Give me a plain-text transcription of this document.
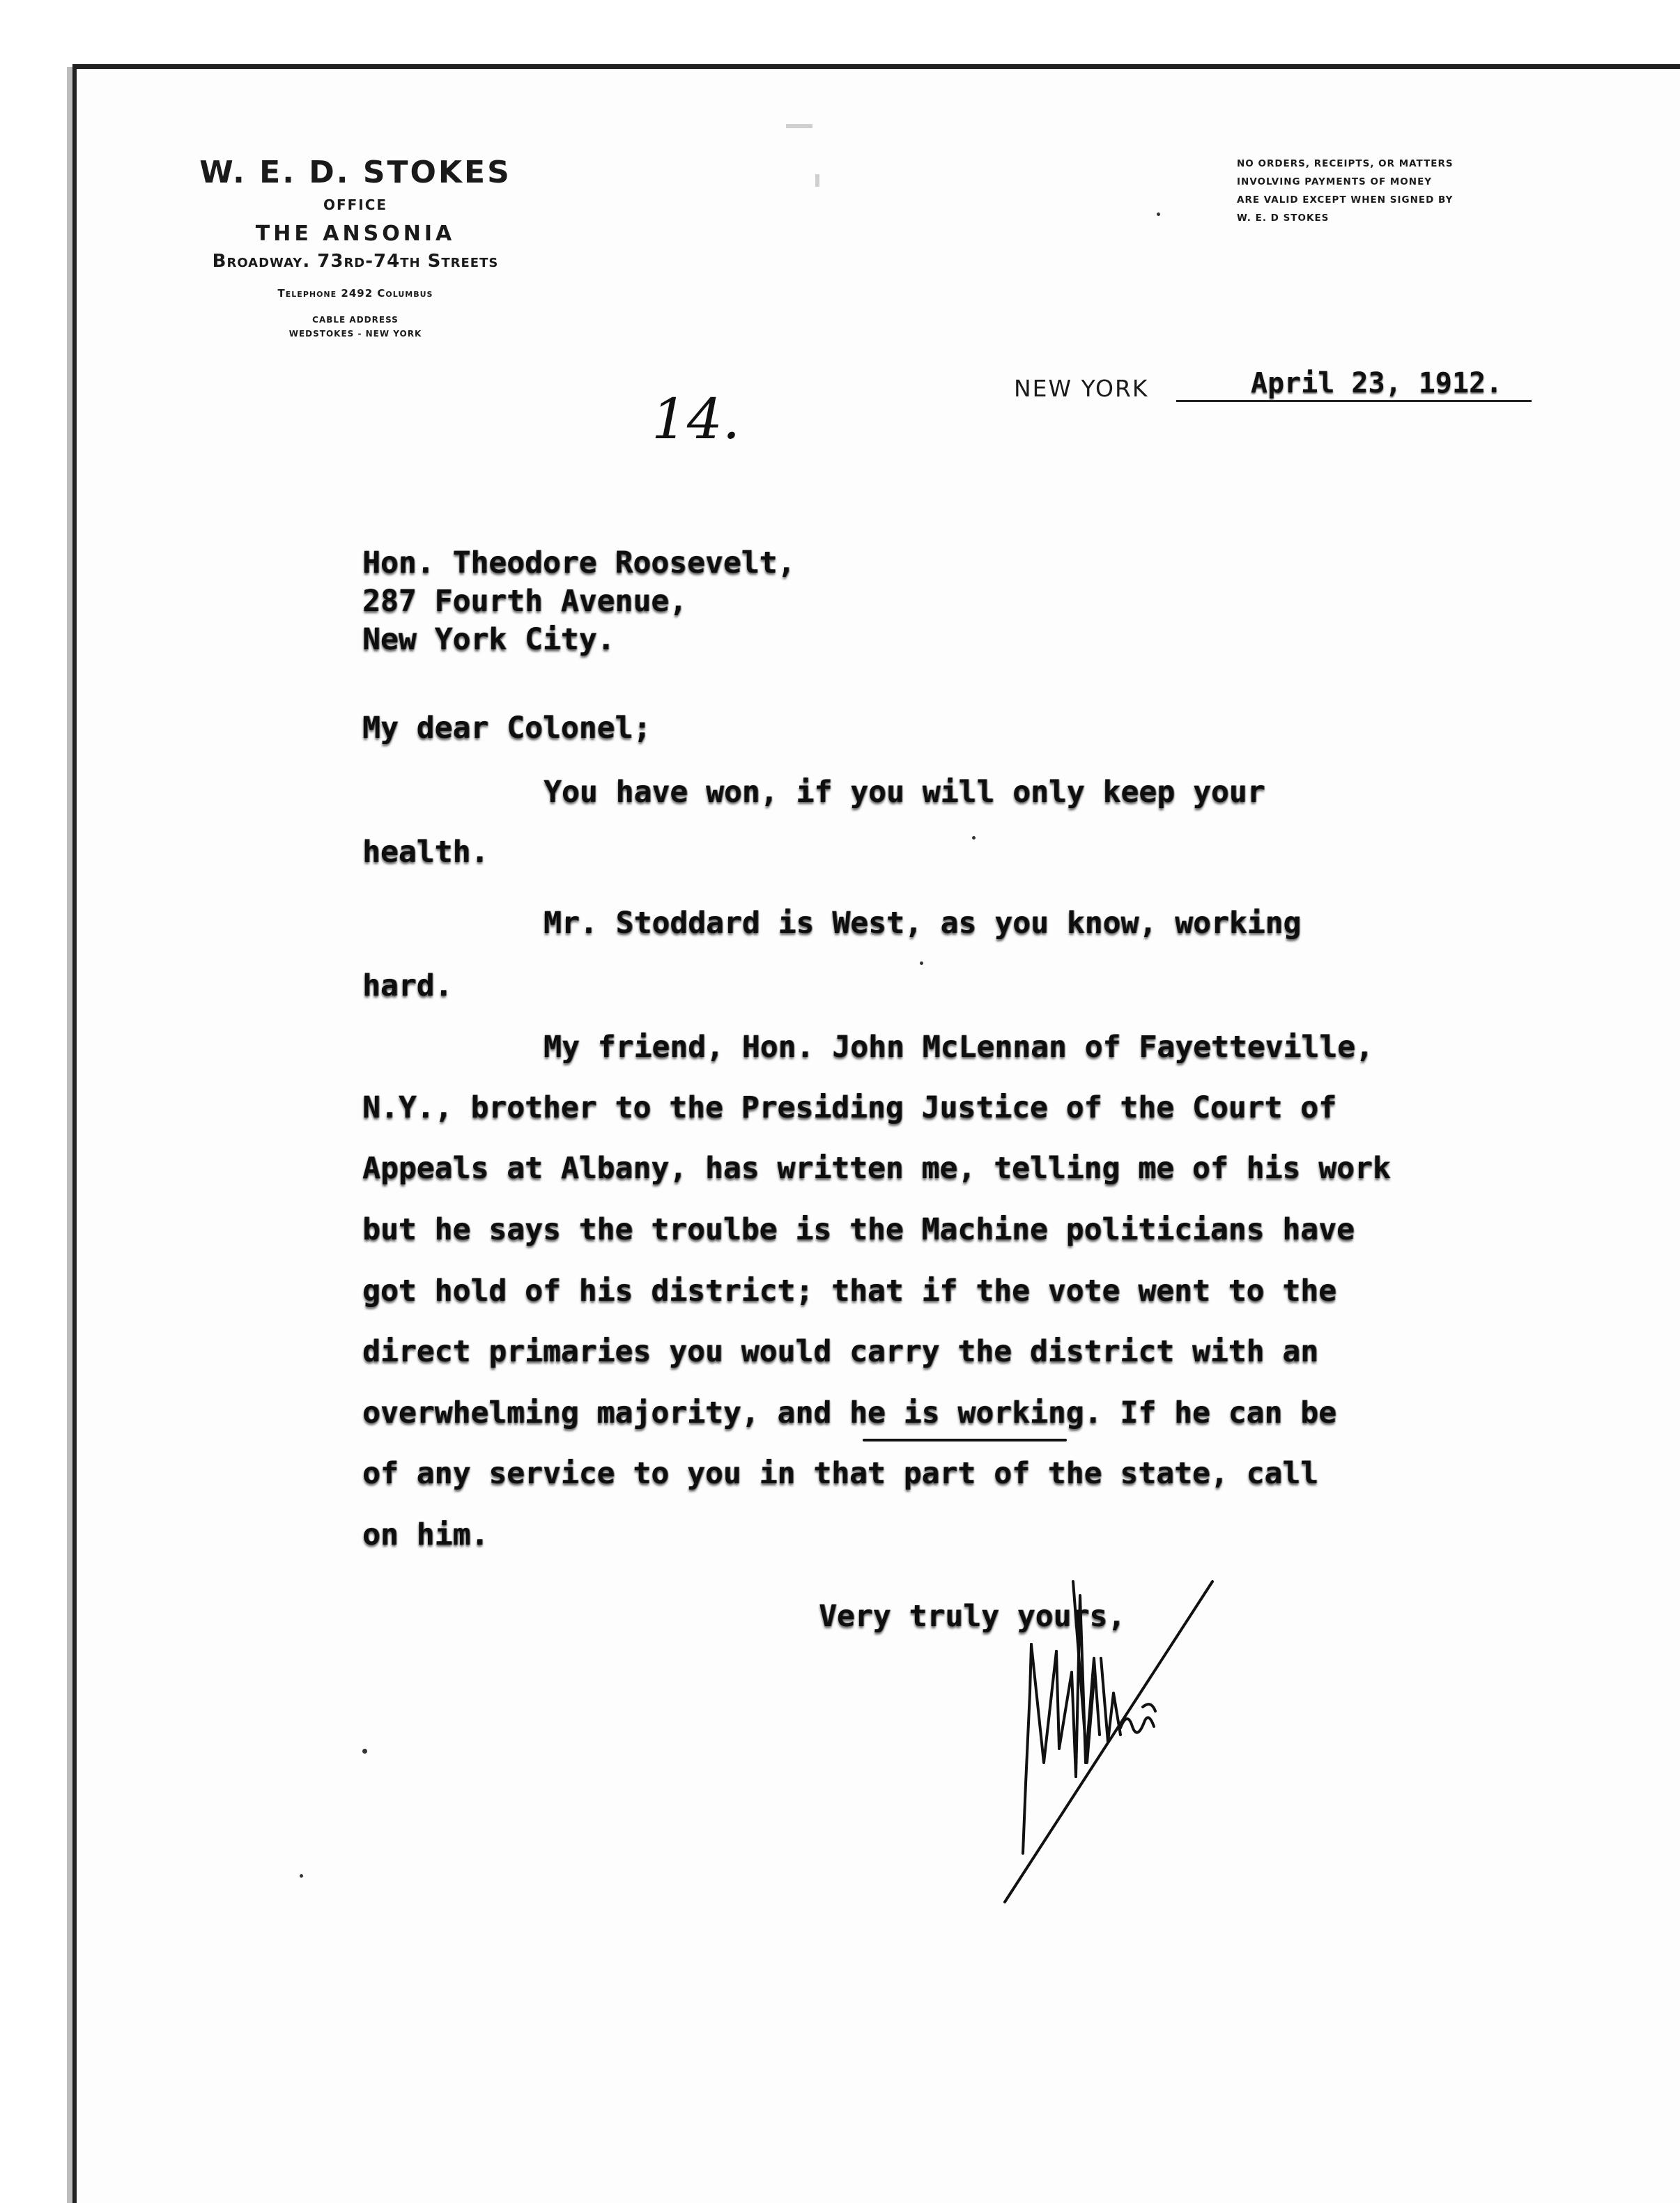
W. E. D. STOKES
OFFICE
THE ANSONIA
Broadway. 73rd-74th Streets
Telephone 2492 Columbus
CABLE ADDRESS
WEDSTOKES - NEW YORK
NO ORDERS, RECEIPTS, OR MATTERS
INVOLVING PAYMENTS OF MONEY
ARE VALID EXCEPT WHEN SIGNED BY
W. E. D STOKES
NEW YORK	April 23, 1912.
14.
Hon. Theodore Roosevelt,
287 Fourth Avenue,
New York City.
My dear Colonel;
You have won, if you will only keep your
health.
Mr. Stoddard is West, as you know, working
hard.
My friend, Hon. John McLennan of Fayetteville,
N.Y., brother to the Presiding Justice of the Court of
Appeals at Albany, has written me, telling me of his work
but he says the troulbe is the Machine politicians have
got hold of his district; that if the vote went to the
direct primaries you would carry the district with an
overwhelming majority, and he is working. If he can be
of any service to you in that part of the state, call
on him.
Very truly yours,
